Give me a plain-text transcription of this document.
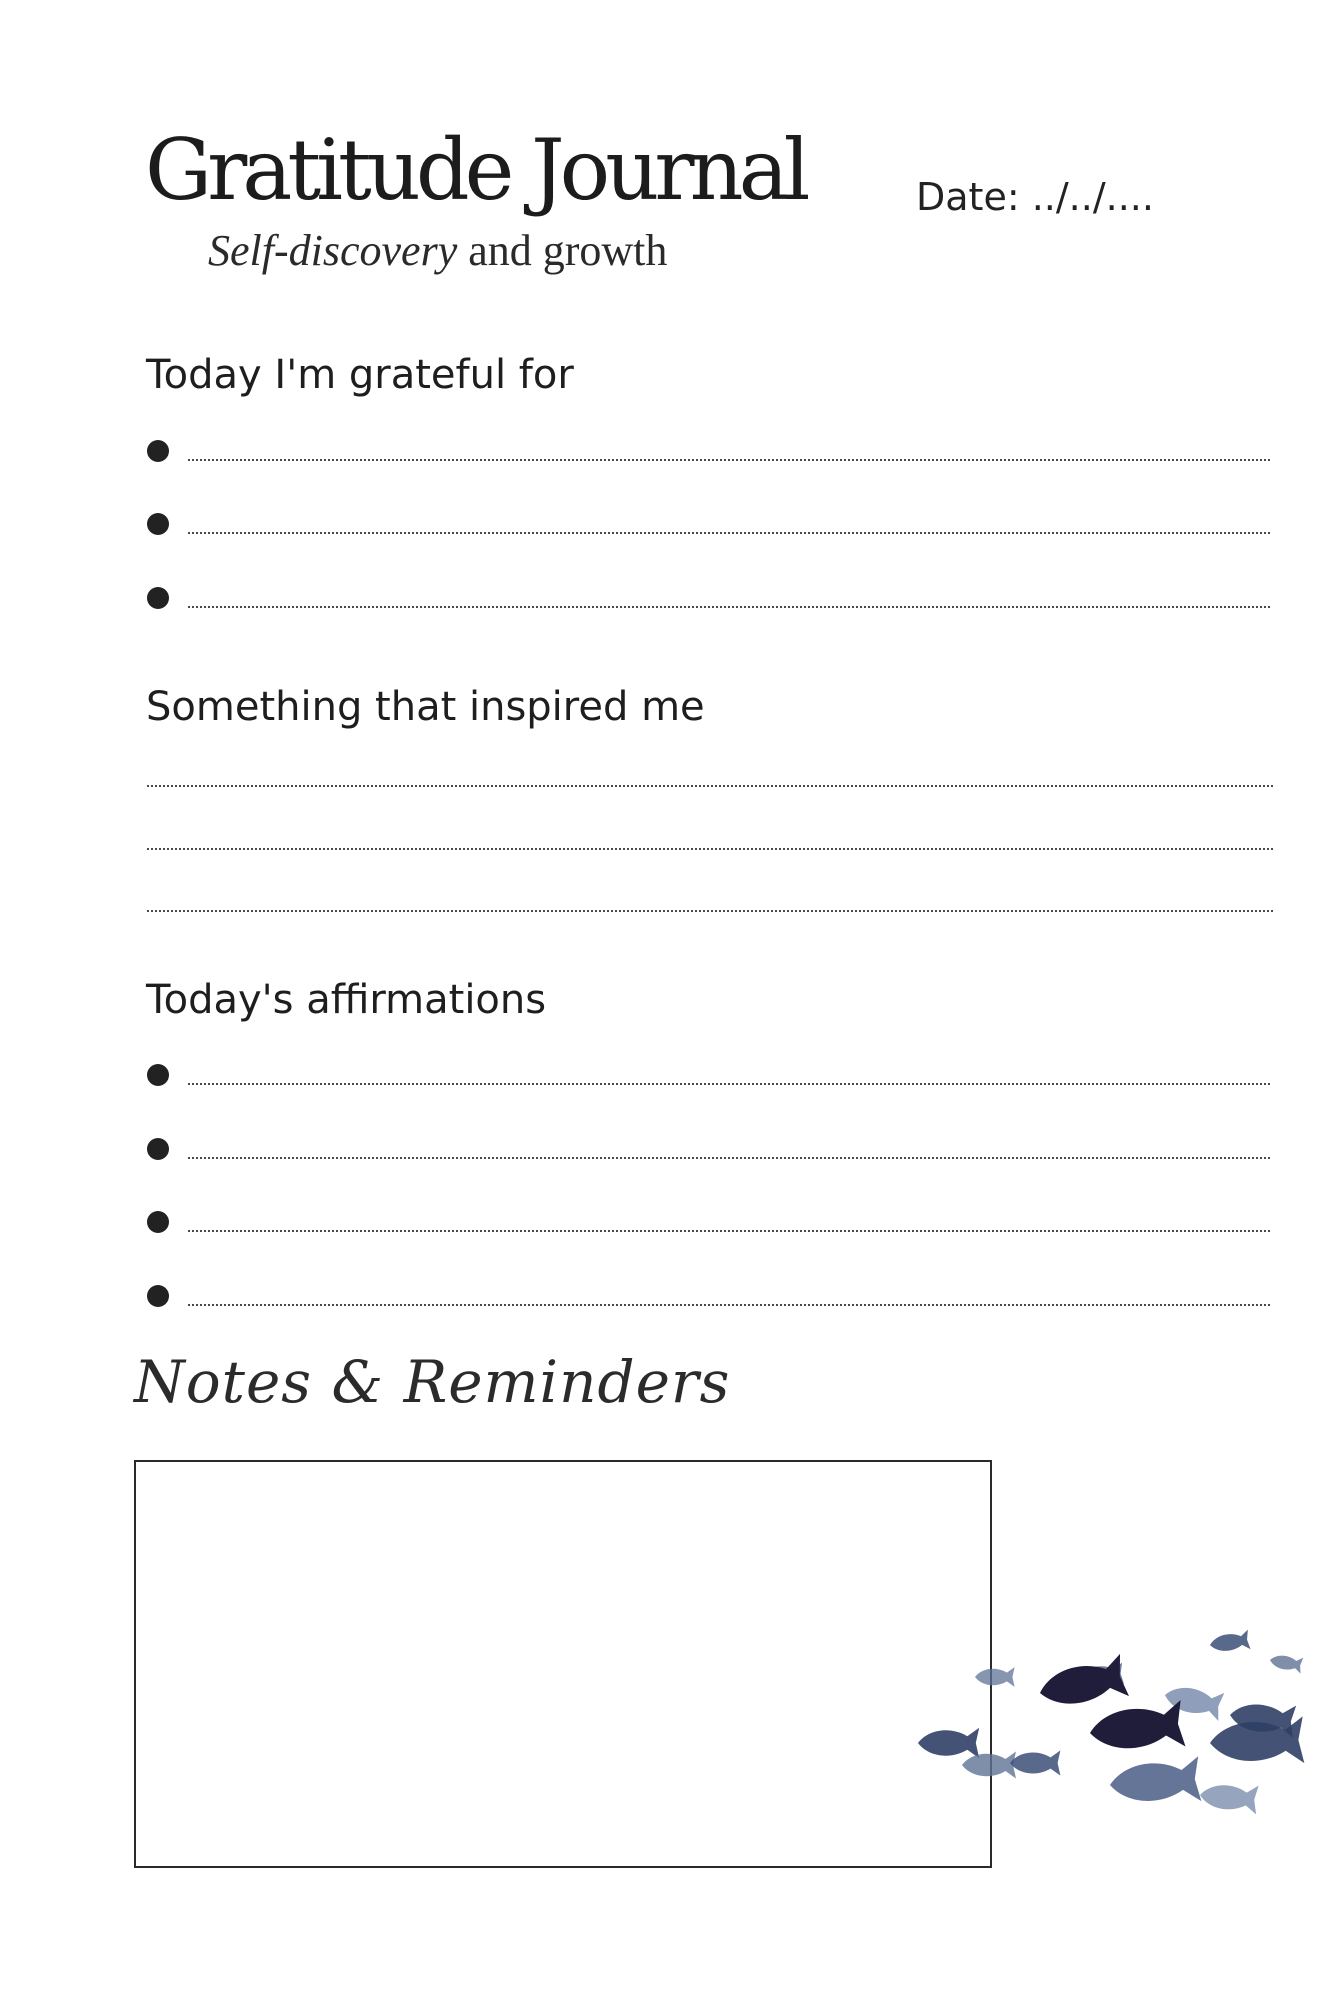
Gratitude Journal
Self-discovery and growth
Date: ../../....
Today I'm grateful for
Something that inspired me
Today's affirmations
Notes & Reminders
